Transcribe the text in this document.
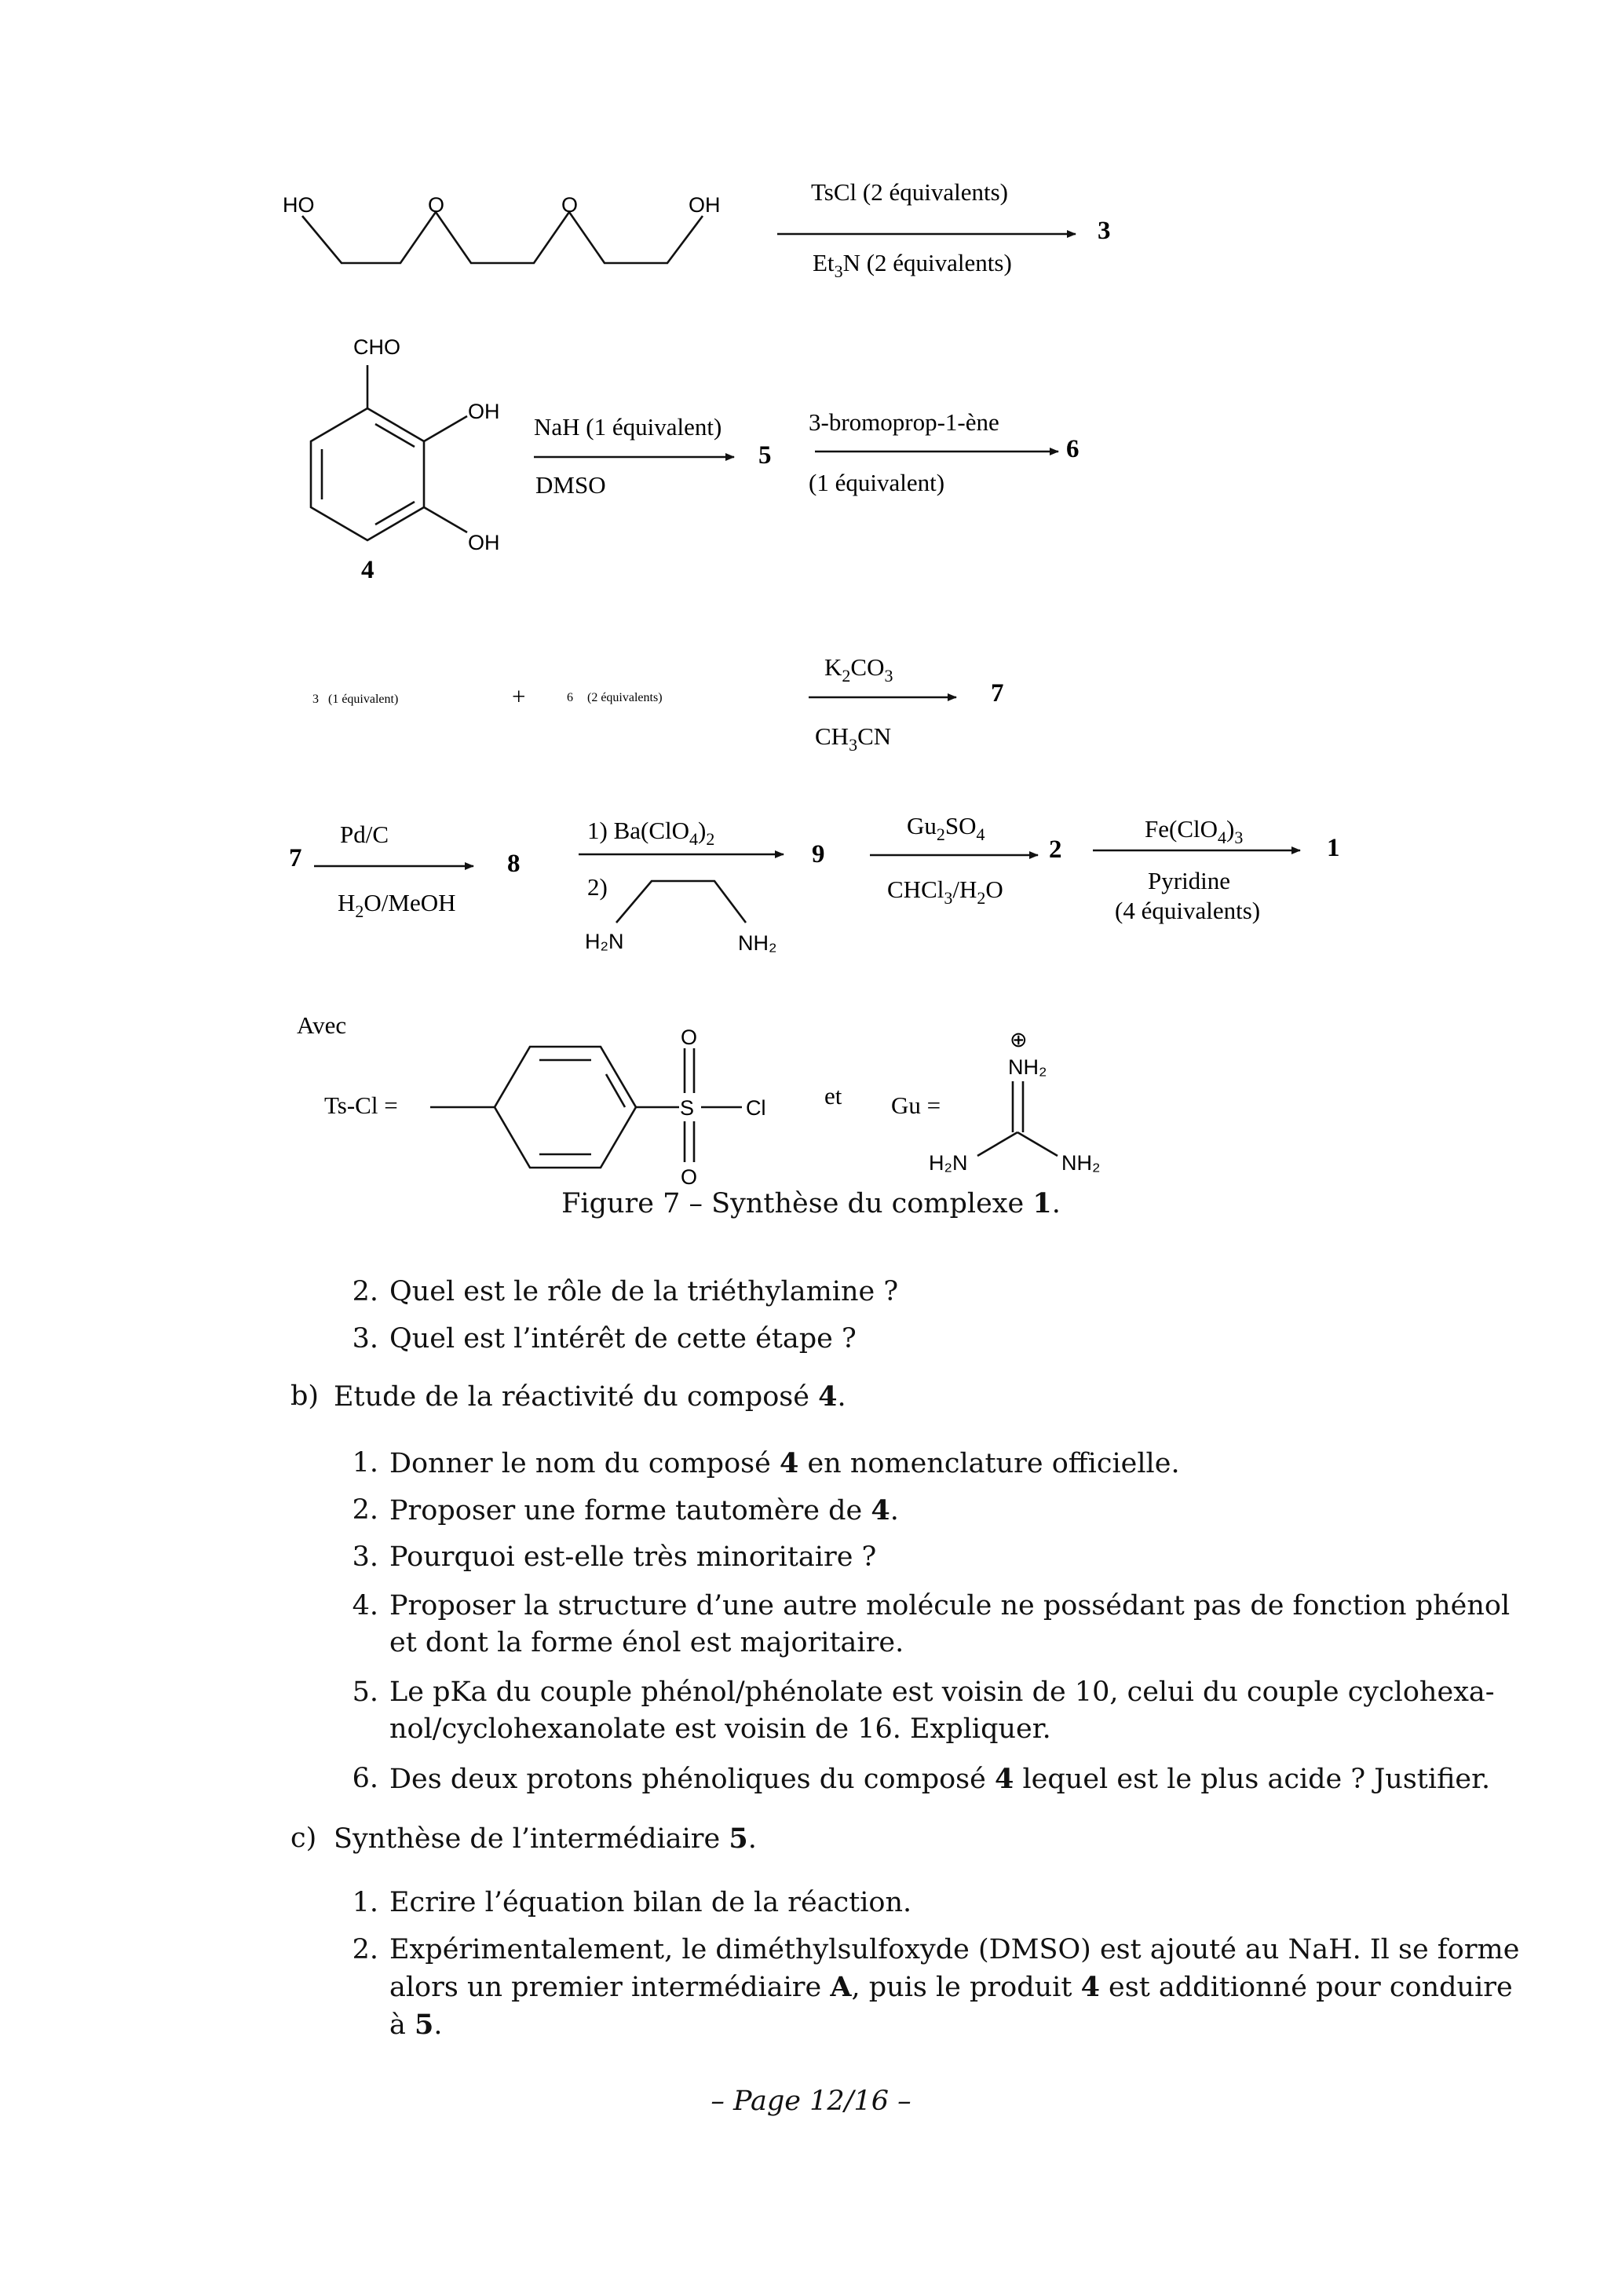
HO	O	O	OH	TsCl (2 équivalents)
$Et_3N$ (2 équivalents)
3
CHO
OH
OH
4
NaH (1 équivalent)
DMSO
5
3-bromoprop-1-ène
(1 équivalent)
6
3 (1 équivalent)	+	6 (2 équivalents)
$K_2CO_3$
$CH_3CN$
7
7
Pd/C
$H_2O$/MeOH
8
1) $Ba(ClO_4)_2$
2)
H₂N	NH₂
9
$Gu_2SO_4$
$CHCl_3/H_2O$
2
$Fe(ClO_4)_3$
Pyridine
(4 équivalents)
1
Avec
Ts-Cl =	S Cl
O
O
et Gu =
⊕
NH₂
H₂N	NH₂
Figure 7 – Synthèse du complexe 1.
2. Quel est le rôle de la triéthylamine ?
3. Quel est l’intérêt de cette étape ?
b) Etude de la réactivité du composé 4.
1. Donner le nom du composé 4 en nomenclature officielle.
2. Proposer une forme tautomère de 4.
3. Pourquoi est-elle très minoritaire ?
4. Proposer la structure d’une autre molécule ne possédant pas de fonction phénol
et dont la forme énol est majoritaire.
5. Le pKa du couple phénol/phénolate est voisin de 10, celui du couple cyclohexa-
nol/cyclohexanolate est voisin de 16. Expliquer.
6. Des deux protons phénoliques du composé 4 lequel est le plus acide ? Justifier.
c) Synthèse de l’intermédiaire 5.
1. Ecrire l’équation bilan de la réaction.
2. Expérimentalement, le diméthylsulfoxyde (DMSO) est ajouté au NaH. Il se forme
alors un premier intermédiaire A, puis le produit 4 est additionné pour conduire
à 5.
– Page 12/16 –
